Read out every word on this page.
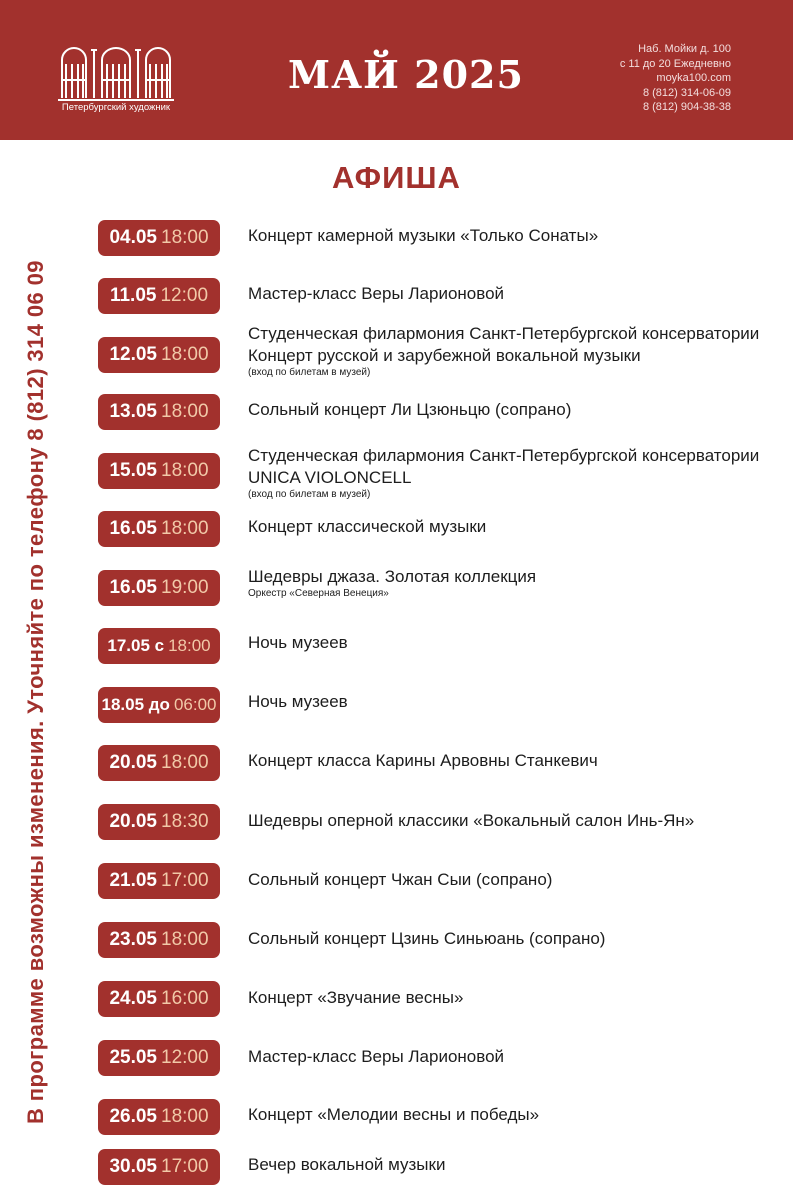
Петербургский художник
МАЙ 2025
Наб. Мойки д. 100
с 11 до 20 Ежедневно
moyka100.com
8 (812) 314-06-09
8 (812) 904-38-38
АФИША
В программе возможны изменения. Уточняйте по телефону 8 (812) 314 06 09
04.05 18:00	Концерт камерной музыки «Только Сонаты»
11.05 12:00	Мастер-класс Веры Ларионовой
12.05 18:00
Студенческая филармония Санкт-Петербургской консерватории
Концерт русской и зарубежной вокальной музыки
(вход по билетам в музей)
13.05 18:00	Сольный концерт Ли Цзюньцю (сопрано)
15.05 18:00
Студенческая филармония Санкт-Петербургской консерватории
UNICA VIOLONCELL
(вход по билетам в музей)
16.05 18:00	Концерт классической музыки
16.05 19:00
Шедевры джаза. Золотая коллекция
Оркестр «Северная Венеция»
17.05 с 18:00	Ночь музеев
18.05 до 06:00 Ночь музеев
20.05 18:00	Концерт класса Карины Арвовны Станкевич
20.05 18:30	Шедевры оперной классики «Вокальный салон Инь-Ян»
21.05 17:00	Сольный концерт Чжан Сыи (сопрано)
23.05 18:00	Сольный концерт Цзинь Синьюань (сопрано)
24.05 16:00	Концерт «Звучание весны»
25.05 12:00	Мастер-класс Веры Ларионовой
26.05 18:00	Концерт «Мелодии весны и победы»
30.05 17:00	Вечер вокальной музыки
